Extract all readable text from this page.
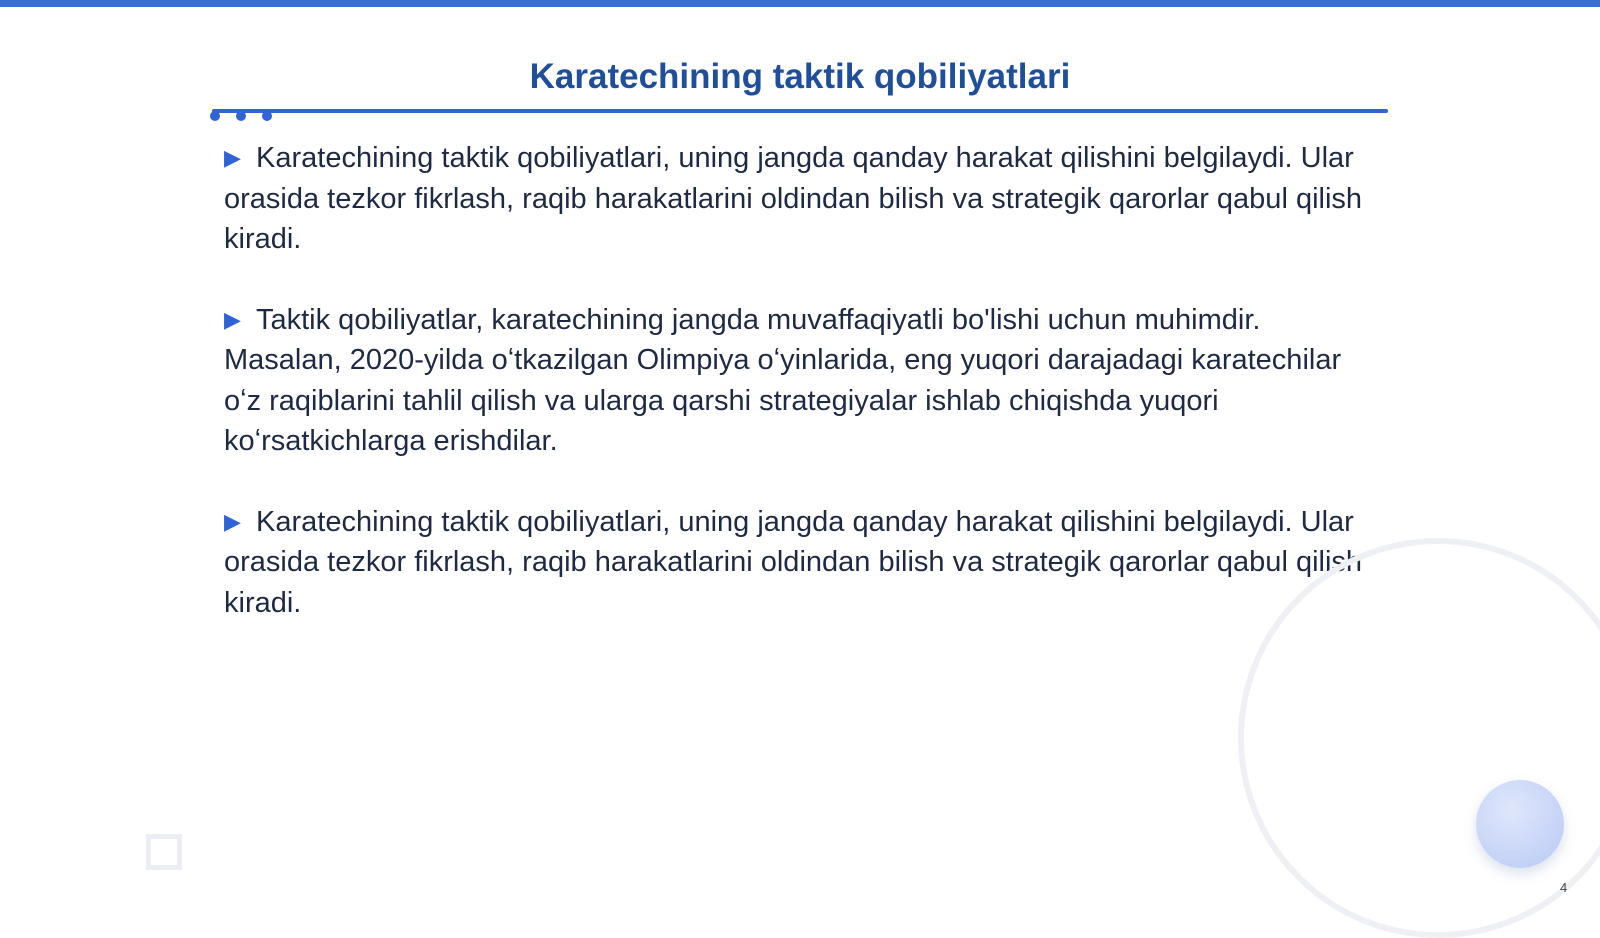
Karatechining taktik qobiliyatlari

▶ Karatechining taktik qobiliyatlari, uning jangda qanday harakat qilishini belgilaydi. Ular orasida tezkor fikrlash, raqib harakatlarini oldindan bilish va strategik qarorlar qabul qilish kiradi.

▶ Taktik qobiliyatlar, karatechining jangda muvaffaqiyatli bo'lishi uchun muhimdir. Masalan, 2020-yilda oʻtkazilgan Olimpiya oʻyinlarida, eng yuqori darajadagi karatechilar oʻz raqiblarini tahlil qilish va ularga qarshi strategiyalar ishlab chiqishda yuqori koʻrsatkichlarga erishdilar.

▶ Karatechining taktik qobiliyatlari, uning jangda qanday harakat qilishini belgilaydi. Ular orasida tezkor fikrlash, raqib harakatlarini oldindan bilish va strategik qarorlar qabul qilish kiradi.

4
